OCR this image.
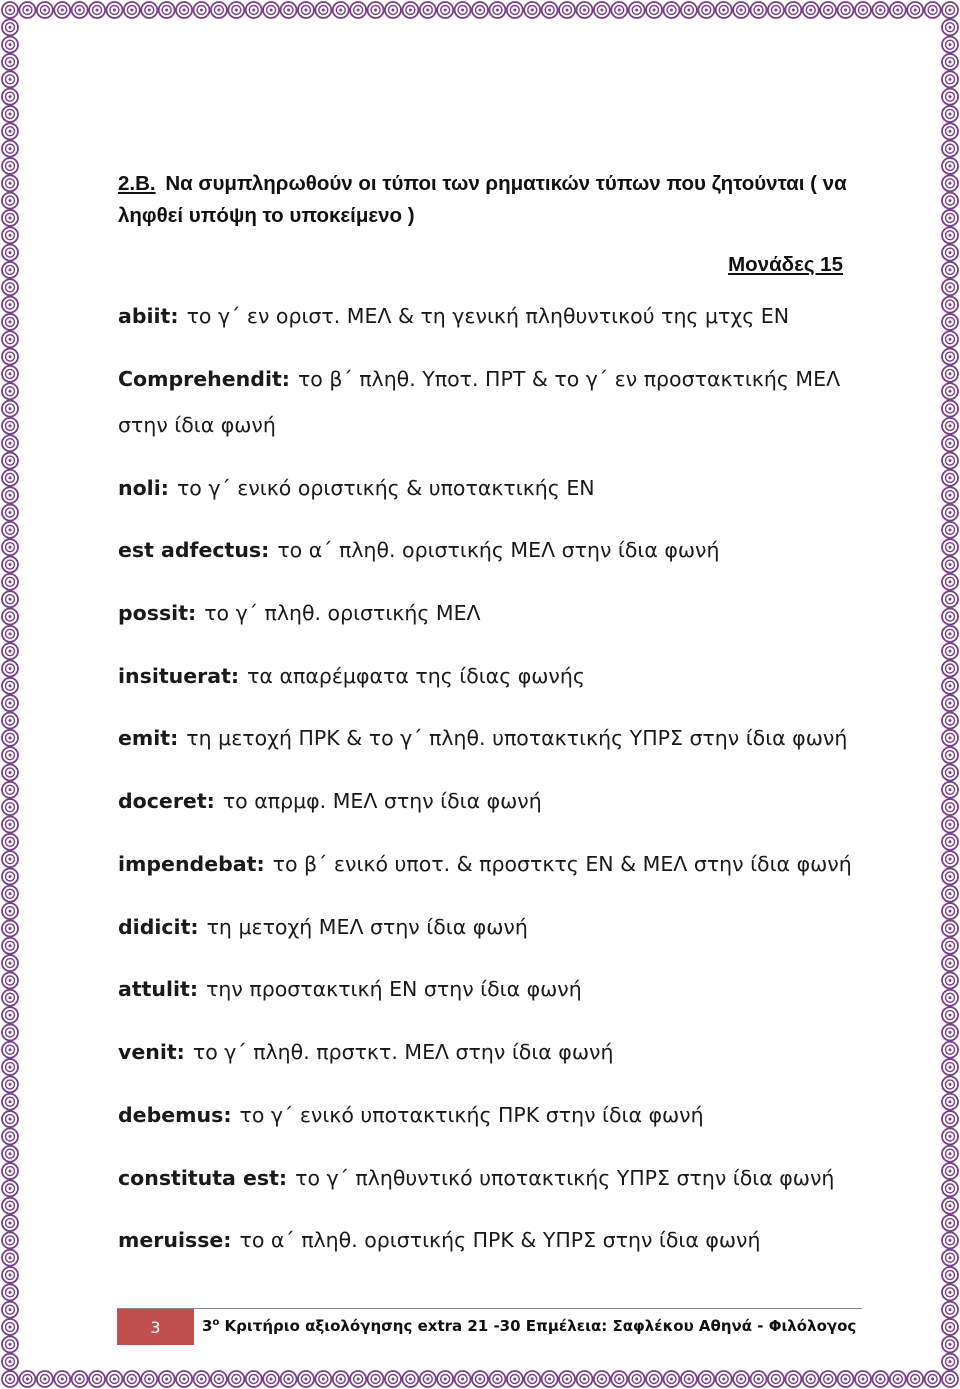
2.B. Να συμπληρωθούν οι τύποι των ρηματικών τύπων που ζητούνται ( να ληφθεί υπόψη το υποκείμενο )
Μονάδες 15
abiit: το γ΄ εν οριστ. ΜΕΛ & τη γενική πληθυντικού της μτχς ΕΝ
Comprehendit: το β΄ πληθ. Υποτ. ΠΡΤ & το γ΄ εν προστακτικής ΜΕΛ
στην ίδια φωνή
noli: το γ΄ ενικό οριστικής & υποτακτικής ΕΝ
est adfectus: το α΄ πληθ. οριστικής ΜΕΛ στην ίδια φωνή
possit: το γ΄ πληθ. οριστικής ΜΕΛ
insituerat: τα απαρέμφατα της ίδιας φωνής
emit: τη μετοχή ΠΡΚ & το γ΄ πληθ. υποτακτικής ΥΠΡΣ στην ίδια φωνή
doceret: το απρμφ. ΜΕΛ στην ίδια φωνή
impendebat: το β΄ ενικό υποτ. & προστκτς ΕΝ & ΜΕΛ στην ίδια φωνή
didicit: τη μετοχή ΜΕΛ στην ίδια φωνή
attulit: την προστακτική ΕΝ στην ίδια φωνή
venit: το γ΄ πληθ. πρστκτ. ΜΕΛ στην ίδια φωνή
debemus: το γ΄ ενικό υποτακτικής ΠΡΚ στην ίδια φωνή
constituta est: το γ΄ πληθυντικό υποτακτικής ΥΠΡΣ στην ίδια φωνή
meruisse: το α΄ πληθ. οριστικής ΠΡΚ & ΥΠΡΣ στην ίδια φωνή
3	$3^o$ Κριτήριο αξιολόγησης extra 21 -30 Επμέλεια: Σαφλέκου Αθηνά - Φιλόλογος
